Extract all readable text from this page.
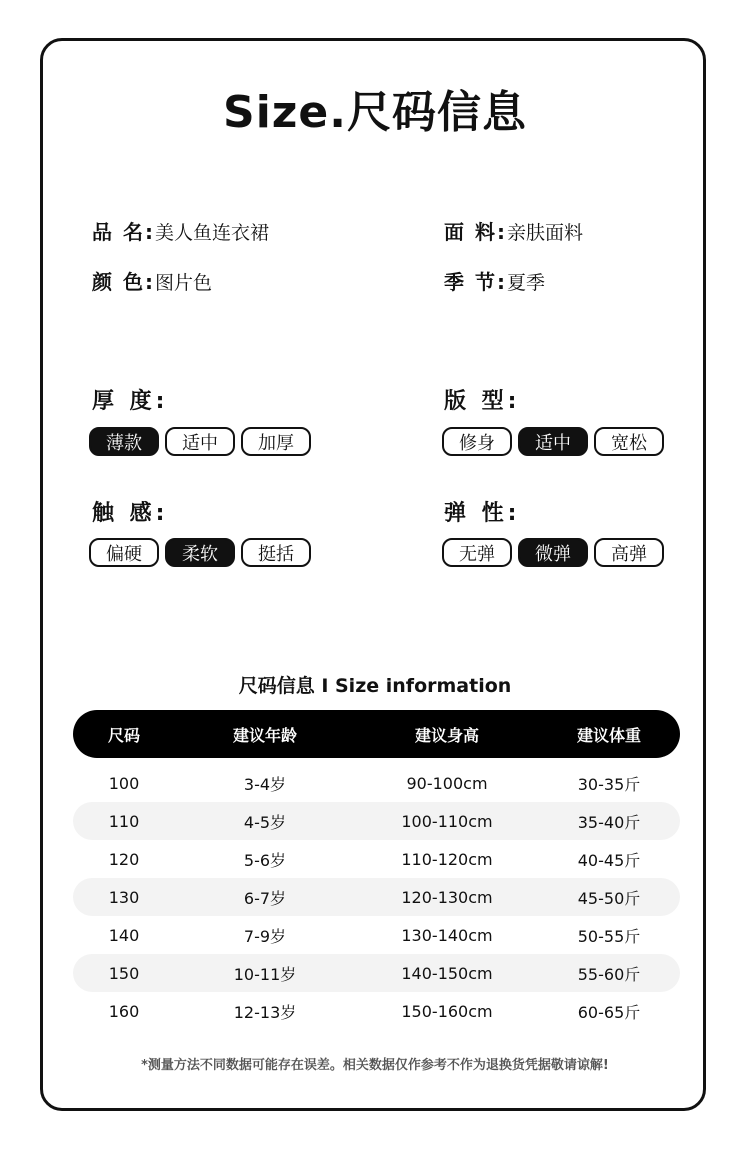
Size.尺码信息
品 名:美人鱼连衣裙	面 料:亲肤面料
颜 色:图片色	季 节:夏季
厚 度:
薄款	适中	加厚
版 型:
修身	适中	宽松
触 感:
偏硬	柔软	挺括
弹 性:
无弹	微弹	高弹
尺码信息 I Size information
尺码	建议年龄	建议身高	建议体重
100	3-4岁	90-100cm	30-35斤
110	4-5岁	100-110cm	35-40斤
120	5-6岁	110-120cm	40-45斤
130	6-7岁	120-130cm	45-50斤
140	7-9岁	130-140cm	50-55斤
150	10-11岁	140-150cm	55-60斤
160	12-13岁	150-160cm	60-65斤
*测量方法不同数据可能存在误差。相关数据仅作参考不作为退换货凭据敬请谅解!
